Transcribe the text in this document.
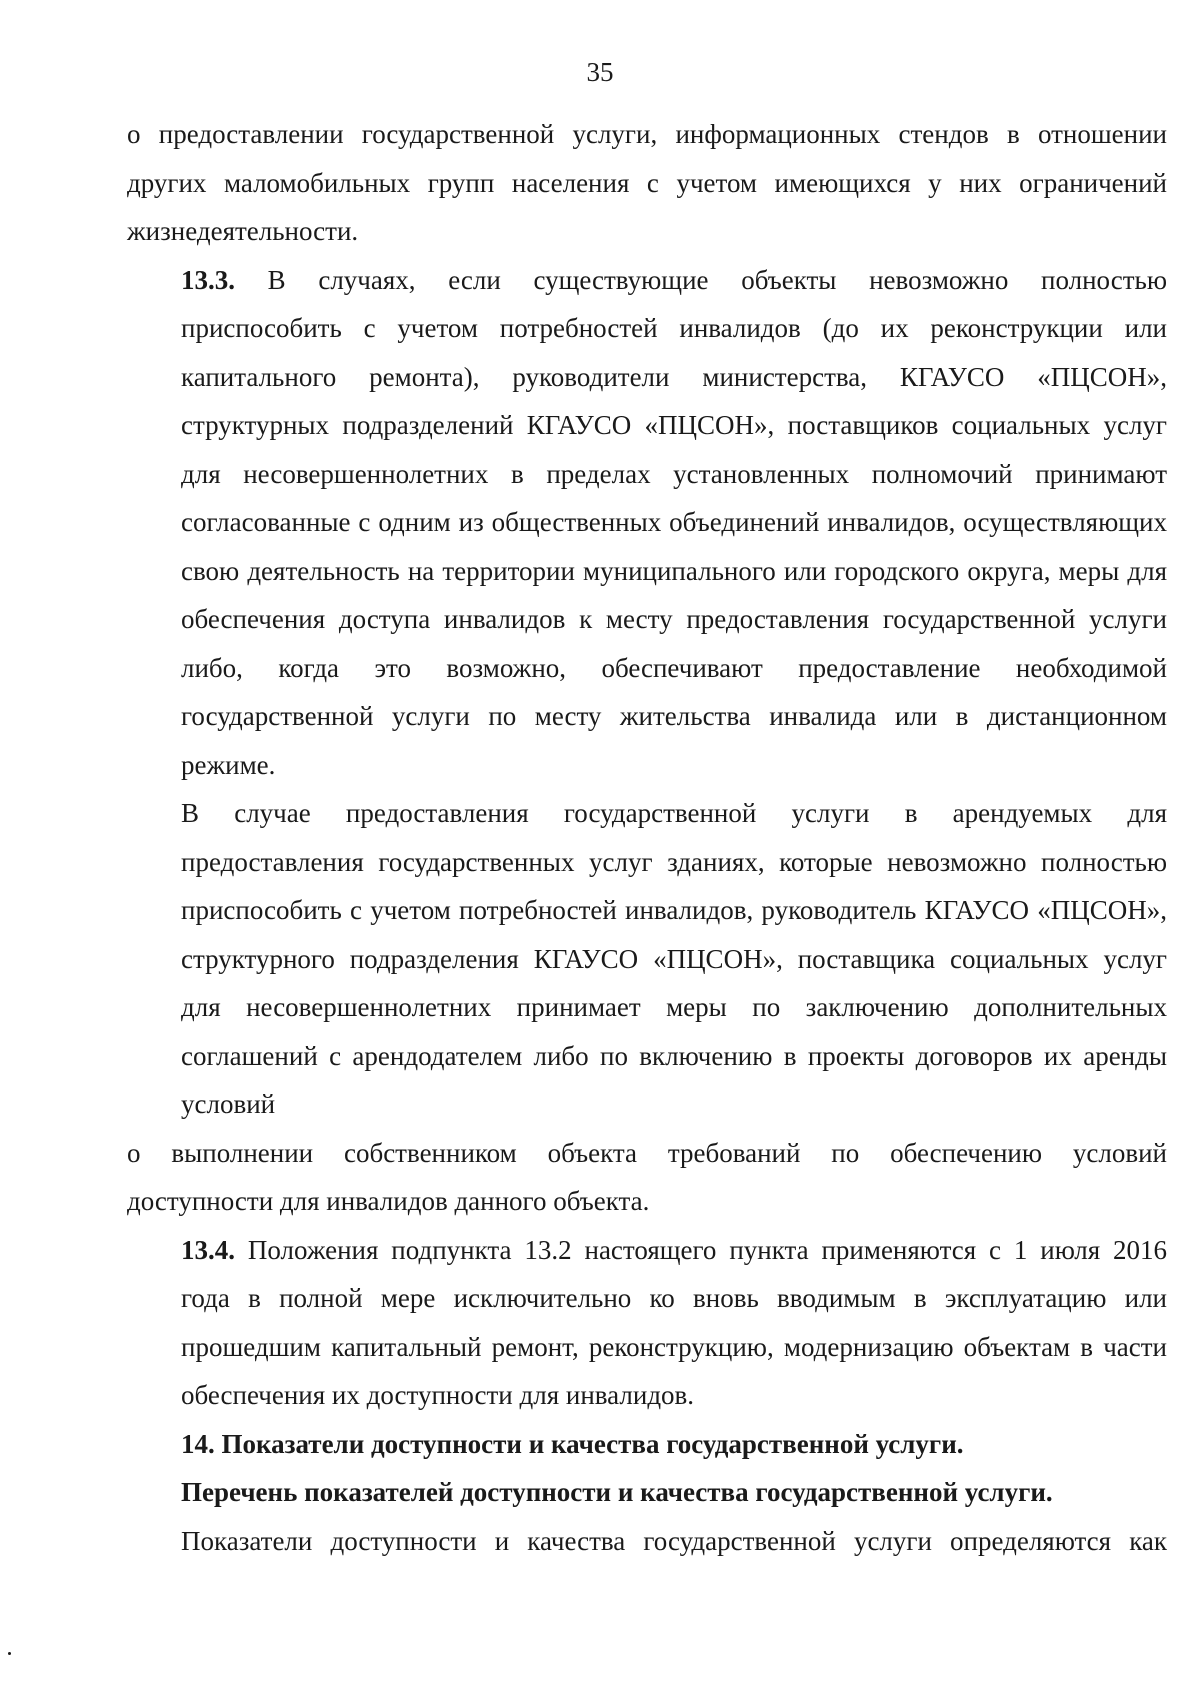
35

о предоставлении государственной услуги, информационных стендов в отношении
других маломобильных групп населения с учетом имеющихся у них ограничений
жизнедеятельности.

13.3. В случаях, если существующие объекты невозможно полностью
приспособить с учетом потребностей инвалидов (до их реконструкции или
капитального ремонта), руководители министерства, КГАУСО «ПЦСОН»,
структурных подразделений КГАУСО «ПЦСОН», поставщиков социальных услуг
для несовершеннолетних в пределах установленных полномочий принимают
согласованные с одним из общественных объединений инвалидов, осуществляющих
свою деятельность на территории муниципального или городского округа, меры для
обеспечения доступа инвалидов к месту предоставления государственной услуги
либо, когда это возможно, обеспечивают предоставление необходимой
государственной услуги по месту жительства инвалида или в дистанционном
режиме.

В случае предоставления государственной услуги в арендуемых для
предоставления государственных услуг зданиях, которые невозможно полностью
приспособить с учетом потребностей инвалидов, руководитель КГАУСО «ПЦСОН»,
структурного подразделения КГАУСО «ПЦСОН», поставщика социальных услуг
для несовершеннолетних принимает меры по заключению дополнительных
соглашений с арендодателем либо по включению в проекты договоров их аренды
условий

о выполнении собственником объекта требований по обеспечению условий
доступности для инвалидов данного объекта.

13.4. Положения подпункта 13.2 настоящего пункта применяются с 1 июля 2016
года в полной мере исключительно ко вновь вводимым в эксплуатацию или
прошедшим капитальный ремонт, реконструкцию, модернизацию объектам в части
обеспечения их доступности для инвалидов.

14. Показатели доступности и качества государственной услуги.

Перечень показателей доступности и качества государственной услуги.

Показатели доступности и качества государственной услуги определяются как
